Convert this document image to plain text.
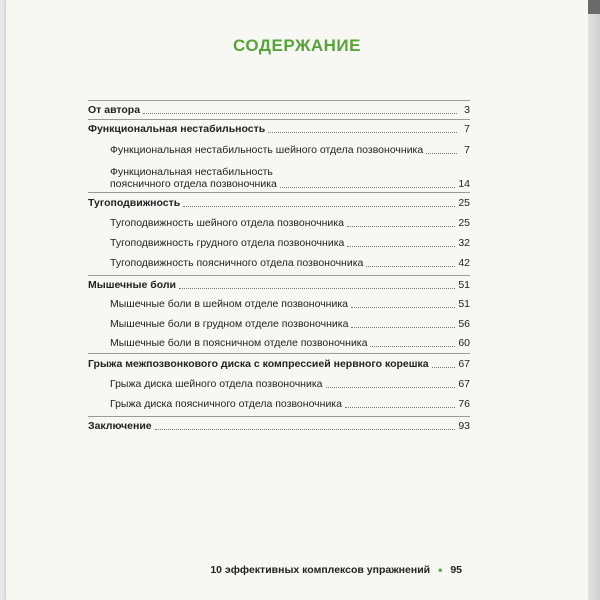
СОДЕРЖАНИЕ
От автора	3
Функциональная нестабильность	7
Функциональная нестабильность шейного отдела позвоночника	7
Функциональная нестабильность
поясничного отдела позвоночника	14
Тугоподвижность	25
Тугоподвижность шейного отдела позвоночника	25
Тугоподвижность грудного отдела позвоночника	32
Тугоподвижность поясничного отдела позвоночника	42
Мышечные боли	51
Мышечные боли в шейном отделе позвоночника	51
Мышечные боли в грудном отделе позвоночника	56
Мышечные боли в поясничном отделе позвоночника	60
Грыжа межпозвонкового диска с компрессией нервного корешка	67
Грыжа диска шейного отдела позвоночника	67
Грыжа диска поясничного отдела позвоночника	76
Заключение	93
10 эффективных комплексов упражнений • 95
